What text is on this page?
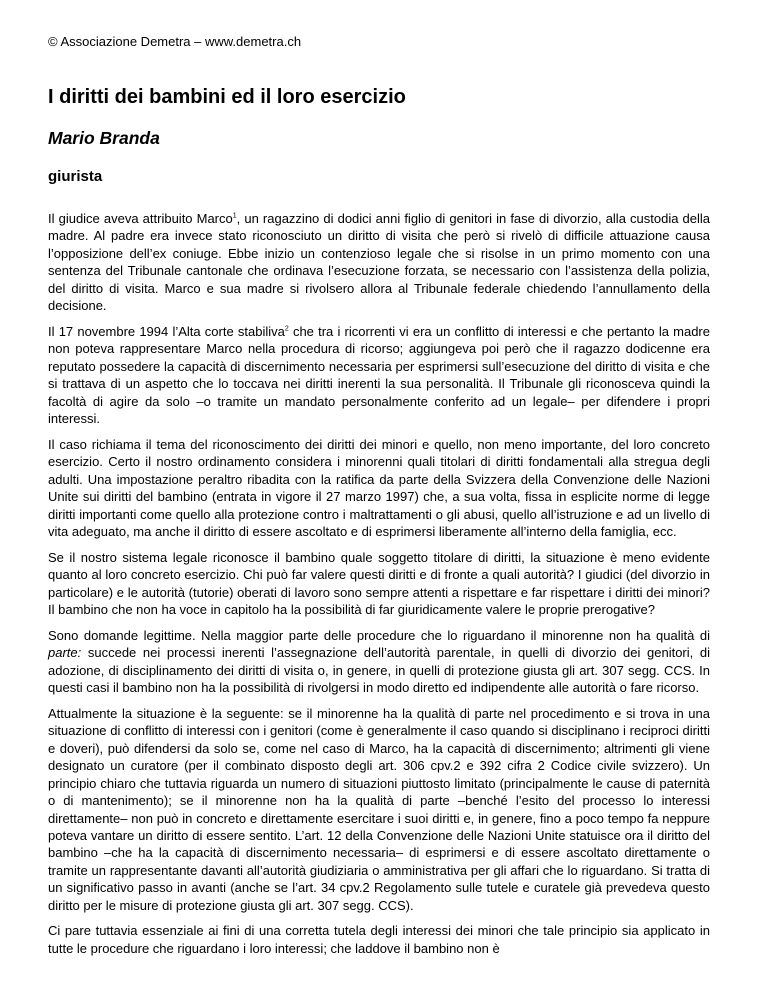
© Associazione Demetra – www.demetra.ch
I diritti dei bambini ed il loro esercizio
Mario Branda
giurista

Il giudice aveva attribuito Marco$^1$, un ragazzino di dodici anni figlio di genitori in fase di divorzio, alla custodia della madre. Al padre era invece stato riconosciuto un diritto di visita che però si rivelò di difficile attuazione causa l’opposizione dell’ex coniuge. Ebbe inizio un contenzioso legale che si risolse in un primo momento con una sentenza del Tribunale cantonale che ordinava l’esecuzione forzata, se necessario con l’assistenza della polizia, del diritto di visita. Marco e sua madre si rivolsero allora al Tribunale federale chiedendo l’annullamento della decisione.

Il 17 novembre 1994 l’Alta corte stabiliva$^2$ che tra i ricorrenti vi era un conflitto di interessi e che pertanto la madre non poteva rappresentare Marco nella procedura di ricorso; aggiungeva poi però che il ragazzo dodicenne era reputato possedere la capacità di discernimento necessaria per esprimersi sull’esecuzione del diritto di visita e che si trattava di un aspetto che lo toccava nei diritti inerenti la sua personalità. Il Tribunale gli riconosceva quindi la facoltà di agire da solo –o tramite un mandato personalmente conferito ad un legale– per difendere i propri interessi.

Il caso richiama il tema del riconoscimento dei diritti dei minori e quello, non meno importante, del loro concreto esercizio. Certo il nostro ordinamento considera i minorenni quali titolari di diritti fondamentali alla stregua degli adulti. Una impostazione peraltro ribadita con la ratifica da parte della Svizzera della Convenzione delle Nazioni Unite sui diritti del bambino (entrata in vigore il 27 marzo 1997) che, a sua volta, fissa in esplicite norme di legge diritti importanti come quello alla protezione contro i maltrattamenti o gli abusi, quello all’istruzione e ad un livello di vita adeguato, ma anche il diritto di essere ascoltato e di esprimersi liberamente all’interno della famiglia, ecc.

Se il nostro sistema legale riconosce il bambino quale soggetto titolare di diritti, la situazione è meno evidente quanto al loro concreto esercizio. Chi può far valere questi diritti e di fronte a quali autorità? I giudici (del divorzio in particolare) e le autorità (tutorie) oberati di lavoro sono sempre attenti a rispettare e far rispettare i diritti dei minori? Il bambino che non ha voce in capitolo ha la possibilità di far giuridicamente valere le proprie prerogative?

Sono domande legittime. Nella maggior parte delle procedure che lo riguardano il minorenne non ha qualità di parte: succede nei processi inerenti l’assegnazione dell’autorità parentale, in quelli di divorzio dei genitori, di adozione, di disciplinamento dei diritti di visita o, in genere, in quelli di protezione giusta gli art. 307 segg. CCS. In questi casi il bambino non ha la possibilità di rivolgersi in modo diretto ed indipendente alle autorità o fare ricorso.

Attualmente la situazione è la seguente: se il minorenne ha la qualità di parte nel procedimento e si trova in una situazione di conflitto di interessi con i genitori (come è generalmente il caso quando si disciplinano i reciproci diritti e doveri), può difendersi da solo se, come nel caso di Marco, ha la capacità di discernimento; altrimenti gli viene designato un curatore (per il combinato disposto degli art. 306 cpv.2 e 392 cifra 2 Codice civile svizzero). Un principio chiaro che tuttavia riguarda un numero di situazioni piuttosto limitato (principalmente le cause di paternità o di mantenimento); se il minorenne non ha la qualità di parte –benché l’esito del processo lo interessi direttamente– non può in concreto e direttamente esercitare i suoi diritti e, in genere, fino a poco tempo fa neppure poteva vantare un diritto di essere sentito. L’art. 12 della Convenzione delle Nazioni Unite statuisce ora il diritto del bambino –che ha la capacità di discernimento necessaria– di esprimersi e di essere ascoltato direttamente o tramite un rappresentante davanti all’autorità giudiziaria o amministrativa per gli affari che lo riguardano. Si tratta di un significativo passo in avanti (anche se l’art. 34 cpv.2 Regolamento sulle tutele e curatele già prevedeva questo diritto per le misure di protezione giusta gli art. 307 segg. CCS).

Ci pare tuttavia essenziale ai fini di una corretta tutela degli interessi dei minori che tale principio sia applicato in tutte le procedure che riguardano i loro interessi; che laddove il bambino non è
